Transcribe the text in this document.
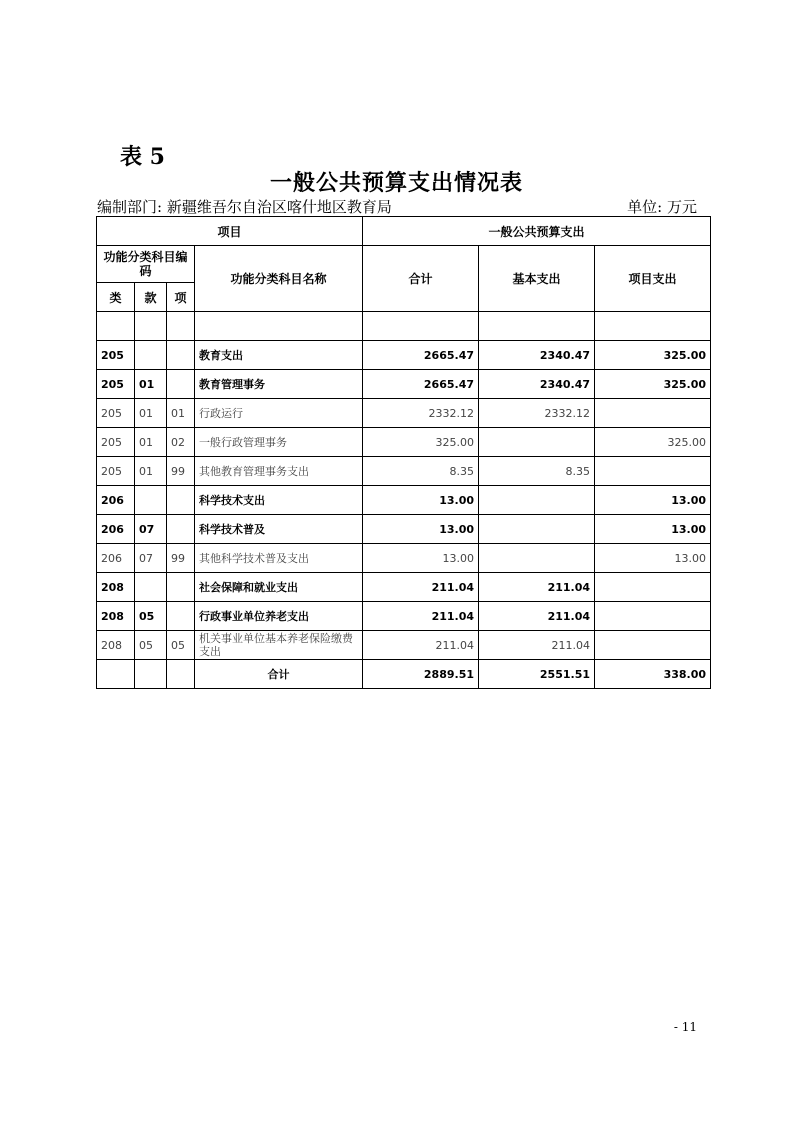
表 5
一般公共预算支出情况表
编制部门: 新疆维吾尔自治区喀什地区教育局	单位: 万元
项目				一般公共预算支出		
功能分类科目编码			功能分类科目名称	合计	基本支出	项目支出
类	款	项				

205			教育支出	2665.47	2340.47	325.00
205	01		教育管理事务	2665.47	2340.47	325.00
205	01	01	行政运行	2332.12	2332.12	
205	01	02	一般行政管理事务	325.00		325.00
205	01	99	其他教育管理事务支出	8.35	8.35	
206			科学技术支出	13.00		13.00
206	07		科学技术普及	13.00		13.00
206	07	99	其他科学技术普及支出	13.00		13.00
208			社会保障和就业支出	211.04	211.04	
208	05		行政事业单位养老支出	211.04	211.04	
208	05	05	机关事业单位基本养老保险缴费支出	211.04	211.04	
			合计	2889.51	2551.51	338.00
- 11
